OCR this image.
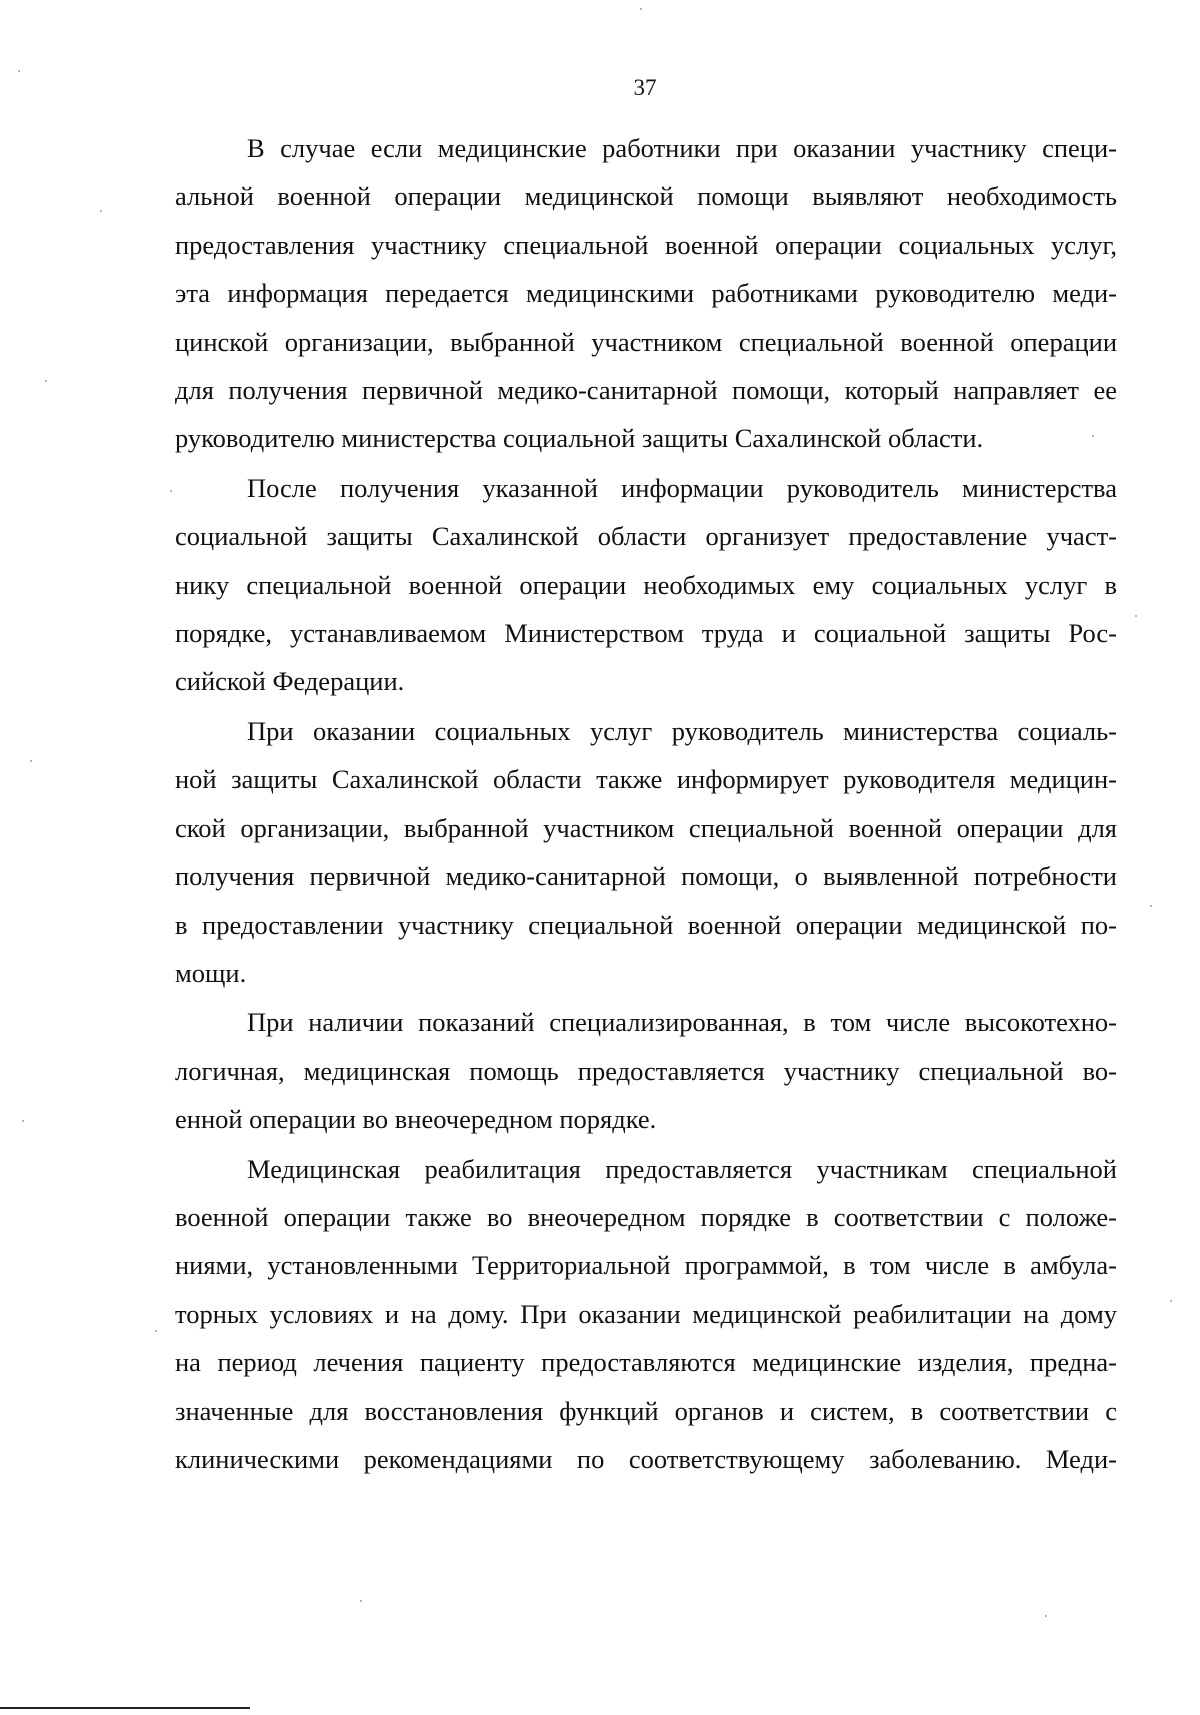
37

В случае если медицинские работники при оказании участнику специ-
альной военной операции медицинской помощи выявляют необходимость
предоставления участнику специальной военной операции социальных услуг,
эта информация передается медицинскими работниками руководителю меди-
цинской организации, выбранной участником специальной военной операции
для получения первичной медико-санитарной помощи, который направляет ее
руководителю министерства социальной защиты Сахалинской области.

После получения указанной информации руководитель министерства
социальной защиты Сахалинской области организует предоставление участ-
нику специальной военной операции необходимых ему социальных услуг в
порядке, устанавливаемом Министерством труда и социальной защиты Рос-
сийской Федерации.

При оказании социальных услуг руководитель министерства социаль-
ной защиты Сахалинской области также информирует руководителя медицин-
ской организации, выбранной участником специальной военной операции для
получения первичной медико-санитарной помощи, о выявленной потребности
в предоставлении участнику специальной военной операции медицинской по-
мощи.

При наличии показаний специализированная, в том числе высокотехно-
логичная, медицинская помощь предоставляется участнику специальной во-
енной операции во внеочередном порядке.

Медицинская реабилитация предоставляется участникам специальной
военной операции также во внеочередном порядке в соответствии с положе-
ниями, установленными Территориальной программой, в том числе в амбула-
торных условиях и на дому. При оказании медицинской реабилитации на дому
на период лечения пациенту предоставляются медицинские изделия, предна-
значенные для восстановления функций органов и систем, в соответствии с
клиническими рекомендациями по соответствующему заболеванию. Меди-
